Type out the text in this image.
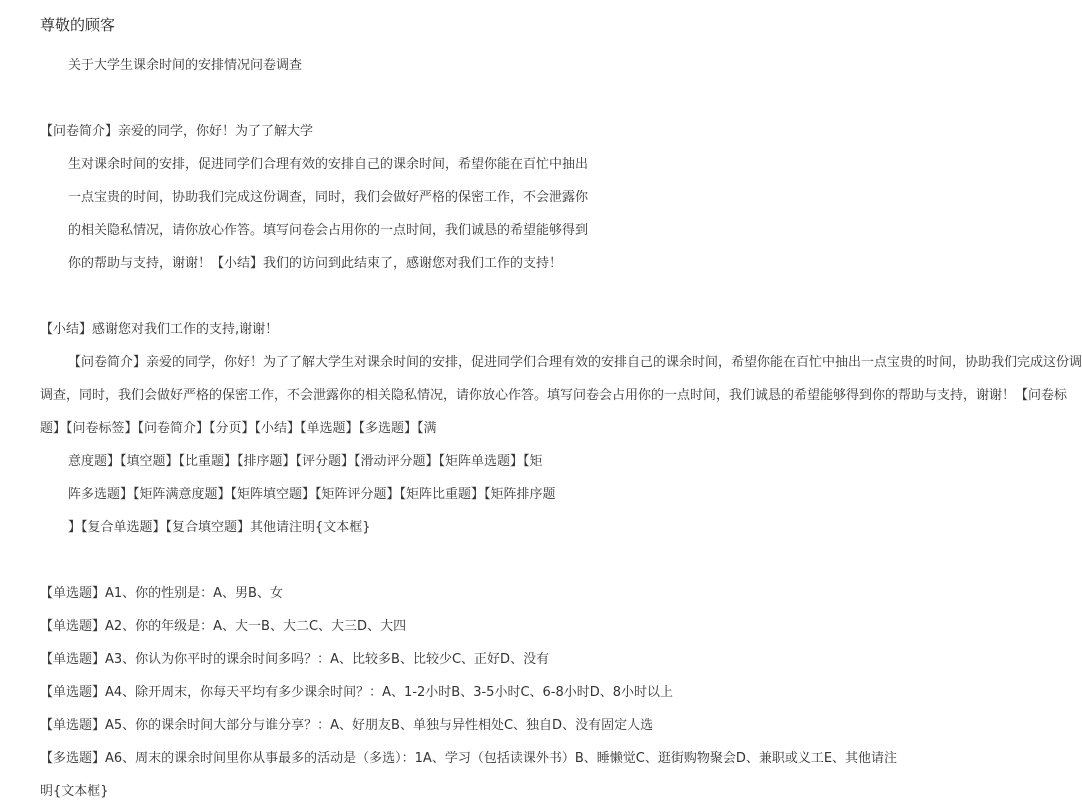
尊敬的顾客
关于大学生课余时间的安排情况问卷调查
【问卷简介】亲爱的同学，你好！为了了解大学
生对课余时间的安排，促进同学们合理有效的安排自己的课余时间，希望你能在百忙中抽出
一点宝贵的时间，协助我们完成这份调查，同时，我们会做好严格的保密工作，不会泄露你
的相关隐私情况，请你放心作答。填写问卷会占用你的一点时间，我们诚恳的希望能够得到
你的帮助与支持，谢谢！【小结】我们的访问到此结束了，感谢您对我们工作的支持！
【小结】感谢您对我们工作的支持,谢谢！
【问卷简介】亲爱的同学，你好！为了了解大学生对课余时间的安排，促进同学们合理有效的安排自己的课余时间，希望你能在百忙中抽出一点宝贵的时间，协助我们完成这份调
调查，同时，我们会做好严格的保密工作，不会泄露你的相关隐私情况，请你放心作答。填写问卷会占用你的一点时间，我们诚恳的希望能够得到你的帮助与支持，谢谢！【问卷标
题】【问卷标签】【问卷简介】【分页】【小结】【单选题】【多选题】【满
意度题】【填空题】【比重题】【排序题】【评分题】【滑动评分题】【矩阵单选题】【矩
阵多选题】【矩阵满意度题】【矩阵填空题】【矩阵评分题】【矩阵比重题】【矩阵排序题
】【复合单选题】【复合填空题】其他请注明{文本框}
【单选题】A1、你的性别是：A、男B、女
【单选题】A2、你的年级是：A、大一B、大二C、大三D、大四
【单选题】A3、你认为你平时的课余时间多吗？：A、比较多B、比较少C、正好D、没有
【单选题】A4、除开周末，你每天平均有多少课余时间？：A、1-2小时B、3-5小时C、6-8小时D、8小时以上
【单选题】A5、你的课余时间大部分与谁分享？：A、好朋友B、单独与异性相处C、独自D、没有固定人选
【多选题】A6、周末的课余时间里你从事最多的活动是（多选）：1A、学习（包括读课外书）B、睡懒觉C、逛街购物聚会D、兼职或义工E、其他请注
明{文本框}
